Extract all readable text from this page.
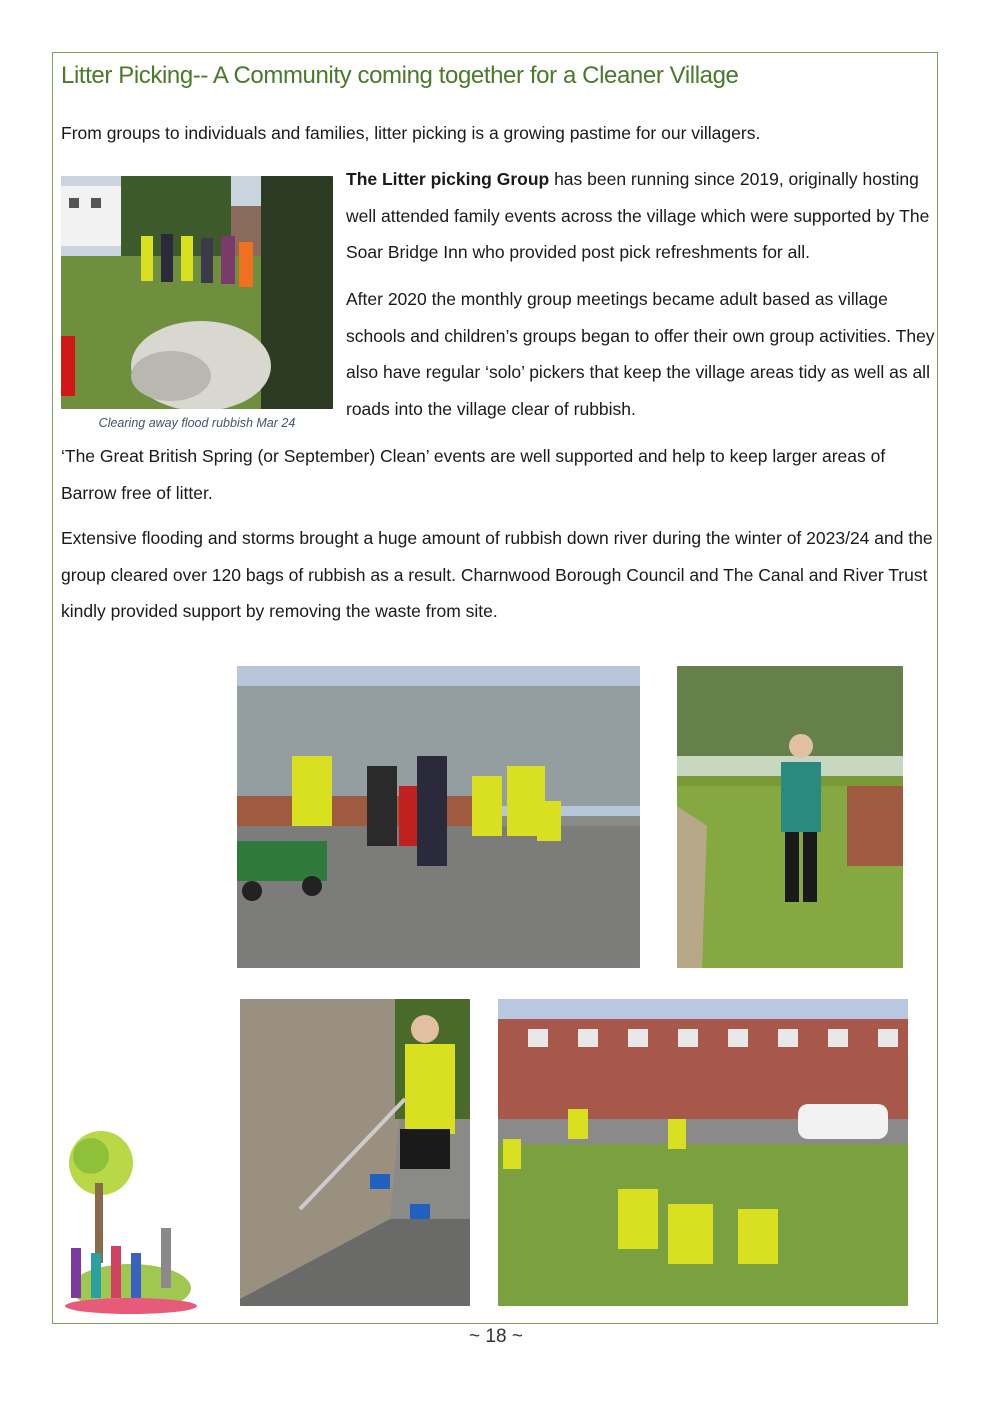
Litter Picking-- A Community coming together for a Cleaner Village

From groups to individuals and families, litter picking is a growing pastime for our villagers.

Clearing away flood rubbish Mar 24

The Litter picking Group has been running since 2019, originally hosting well attended family events across the village which were supported by The Soar Bridge Inn who provided post pick refreshments for all.

After 2020 the monthly group meetings became adult based as village schools and children’s groups began to offer their own group activities. They also have regular ‘solo’ pickers that keep the village areas tidy as well as all roads into the village clear of rubbish.

‘The Great British Spring (or September) Clean’ events are well supported and help to keep larger areas of Barrow free of litter.

Extensive flooding and storms brought a huge amount of rubbish down river during the winter of 2023/24 and the group cleared over 120 bags of rubbish as a result. Charnwood Borough Council and The Canal and River Trust kindly provided support by removing the waste from site.

~ 18 ~
